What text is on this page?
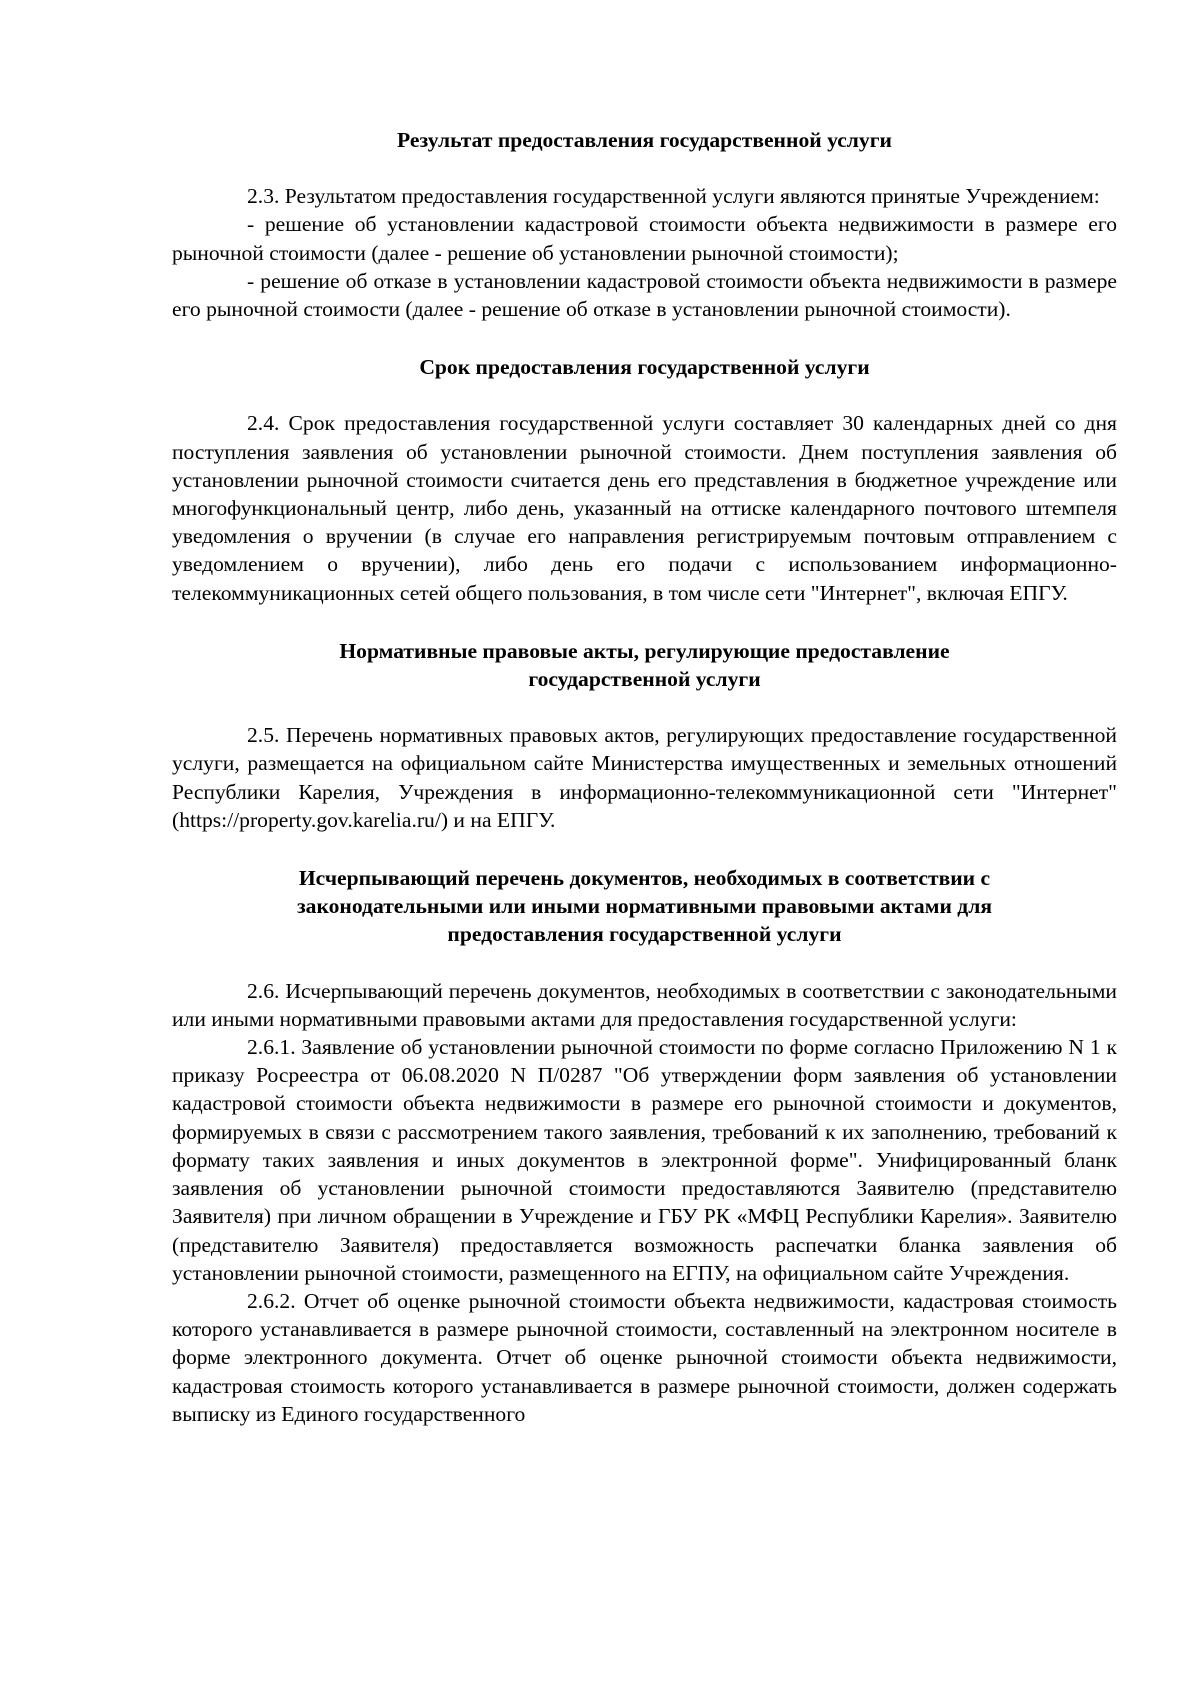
Результат предоставления государственной услуги

2.3. Результатом предоставления государственной услуги являются принятые Учреждением:

- решение об установлении кадастровой стоимости объекта недвижимости в размере его рыночной стоимости (далее - решение об установлении рыночной стоимости);

- решение об отказе в установлении кадастровой стоимости объекта недвижимости в размере его рыночной стоимости (далее - решение об отказе в установлении рыночной стоимости).

Срок предоставления государственной услуги

2.4. Срок предоставления государственной услуги составляет 30 календарных дней со дня поступления заявления об установлении рыночной стоимости. Днем поступления заявления об установлении рыночной стоимости считается день его представления в бюджетное учреждение или многофункциональный центр, либо день, указанный на оттиске календарного почтового штемпеля уведомления о вручении (в случае его направления регистрируемым почтовым отправлением с уведомлением о вручении), либо день его подачи с использованием информационно- телекоммуникационных сетей общего пользования, в том числе сети "Интернет", включая ЕПГУ.

Нормативные правовые акты, регулирующие предоставление

государственной услуги

2.5. Перечень нормативных правовых актов, регулирующих предоставление государственной услуги, размещается на официальном сайте Министерства имущественных и земельных отношений Республики Карелия, Учреждения в информационно-телекоммуникационной сети "Интернет" (https://property.gov.karelia.ru/) и на ЕПГУ.

Исчерпывающий перечень документов, необходимых в соответствии с

законодательными или иными нормативными правовыми актами для

предоставления государственной услуги

2.6. Исчерпывающий перечень документов, необходимых в соответствии с законодательными или иными нормативными правовыми актами для предоставления государственной услуги:

2.6.1. Заявление об установлении рыночной стоимости по форме согласно Приложению N 1 к приказу Росреестра от 06.08.2020 N П/0287 "Об утверждении форм заявления об установлении кадастровой стоимости объекта недвижимости в размере его рыночной стоимости и документов, формируемых в связи с рассмотрением такого заявления, требований к их заполнению, требований к формату таких заявления и иных документов в электронной форме". Унифицированный бланк заявления об установлении рыночной стоимости предоставляются Заявителю (представителю Заявителя) при личном обращении в Учреждение и ГБУ РК «МФЦ Республики Карелия». Заявителю (представителю Заявителя) предоставляется возможность распечатки бланка заявления об установлении рыночной стоимости, размещенного на ЕГПУ, на официальном сайте Учреждения.

2.6.2. Отчет об оценке рыночной стоимости объекта недвижимости, кадастровая стоимость которого устанавливается в размере рыночной стоимости, составленный на электронном носителе в форме электронного документа. Отчет об оценке рыночной стоимости объекта недвижимости, кадастровая стоимость которого устанавливается в размере рыночной стоимости, должен содержать выписку из Единого государственного
